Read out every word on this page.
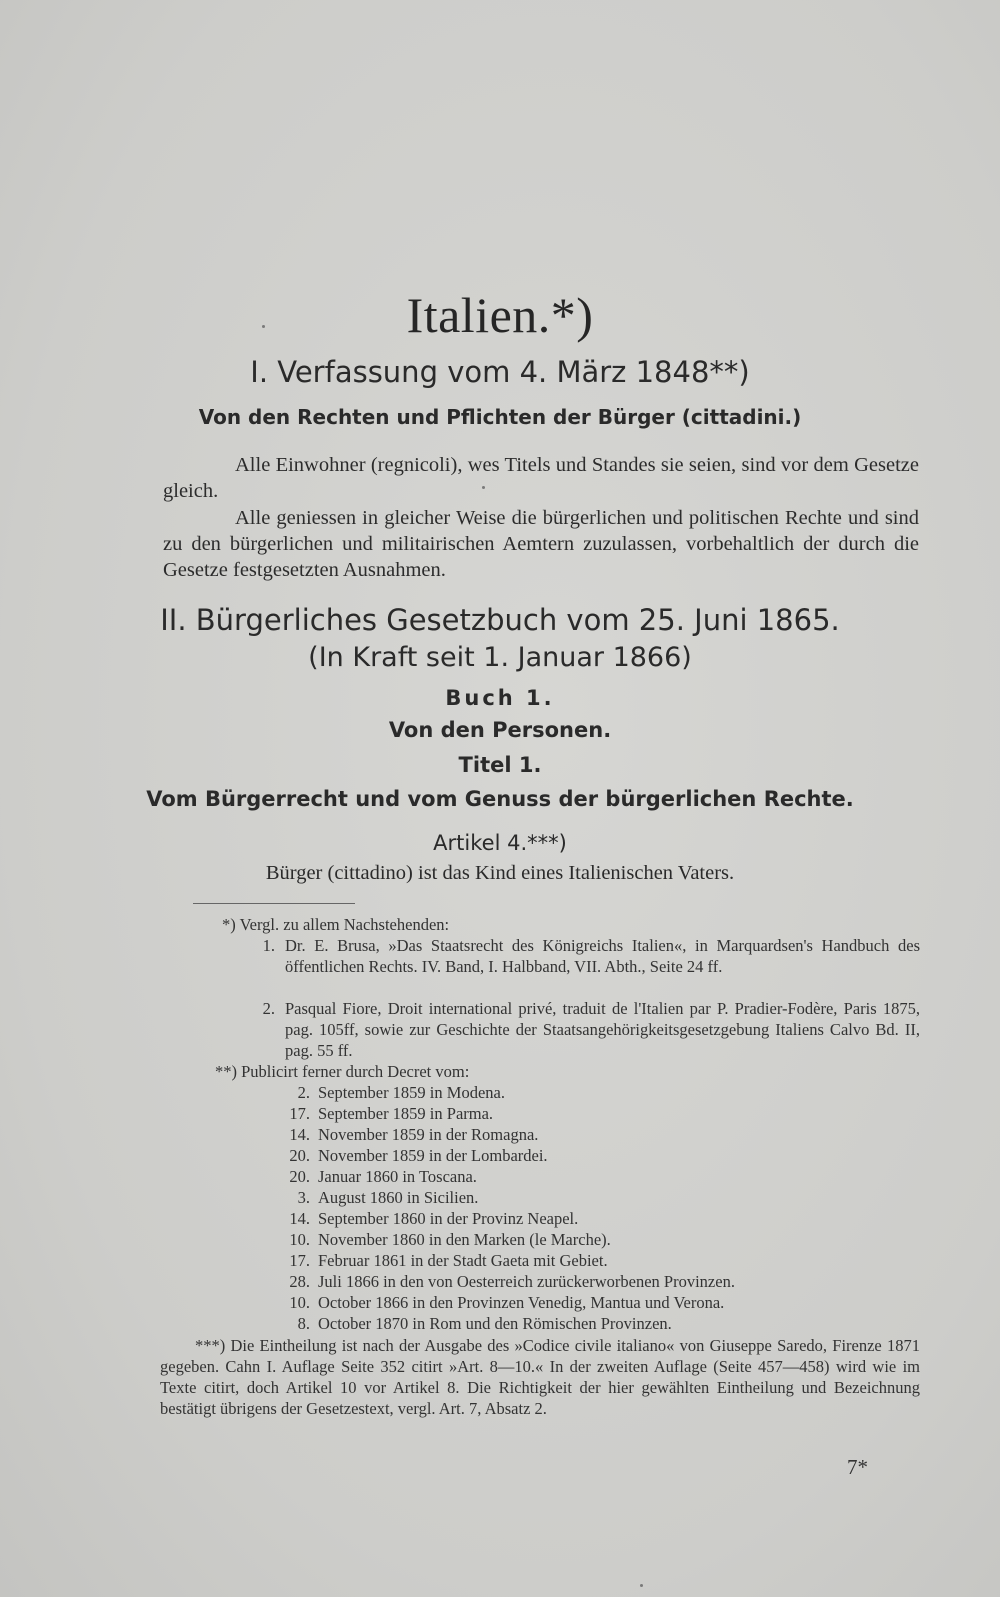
Italien.*)
I. Verfassung vom 4. März 1848**)
Von den Rechten und Pflichten der Bürger (cittadini.)
Alle Einwohner (regnicoli), wes Titels und Standes sie seien, sind vor dem Gesetze gleich.
Alle geniessen in gleicher Weise die bürgerlichen und politischen Rechte und sind zu den bürgerlichen und militairischen Aemtern zuzulassen, vorbehaltlich der durch die Gesetze festgesetzten Ausnahmen.
II. Bürgerliches Gesetzbuch vom 25. Juni 1865.
(In Kraft seit 1. Januar 1866)
Buch 1.
Von den Personen.
Titel 1.
Vom Bürgerrecht und vom Genuss der bürgerlichen Rechte.
Artikel 4.***)
Bürger (cittadino) ist das Kind eines Italienischen Vaters.
*) Vergl. zu allem Nachstehenden:
1. Dr. E. Brusa, »Das Staatsrecht des Königreichs Italien«, in Marquardsen's Handbuch des öffentlichen Rechts. IV. Band, I. Halbband, VII. Abth., Seite 24 ff.
2. Pasqual Fiore, Droit international privé, traduit de l'Italien par P. Pradier-Fodère, Paris 1875, pag. 105ff, sowie zur Geschichte der Staatsangehörigkeitsgesetzgebung Italiens Calvo Bd. II, pag. 55 ff.
**) Publicirt ferner durch Decret vom:
2. September 1859 in Modena.
17. September 1859 in Parma.
14. November 1859 in der Romagna.
20. November 1859 in der Lombardei.
20. Januar 1860 in Toscana.
3. August 1860 in Sicilien.
14. September 1860 in der Provinz Neapel.
10. November 1860 in den Marken (le Marche).
17. Februar 1861 in der Stadt Gaeta mit Gebiet.
28. Juli 1866 in den von Oesterreich zurückerworbenen Provinzen.
10. October 1866 in den Provinzen Venedig, Mantua und Verona.
8. October 1870 in Rom und den Römischen Provinzen.
***) Die Eintheilung ist nach der Ausgabe des »Codice civile italiano« von Giuseppe Saredo, Firenze 1871 gegeben. Cahn I. Auflage Seite 352 citirt »Art. 8—10.« In der zweiten Auflage (Seite 457—458) wird wie im Texte citirt, doch Artikel 10 vor Artikel 8. Die Richtigkeit der hier gewählten Eintheilung und Bezeichnung bestätigt übrigens der Gesetzestext, vergl. Art. 7, Absatz 2.
7*
